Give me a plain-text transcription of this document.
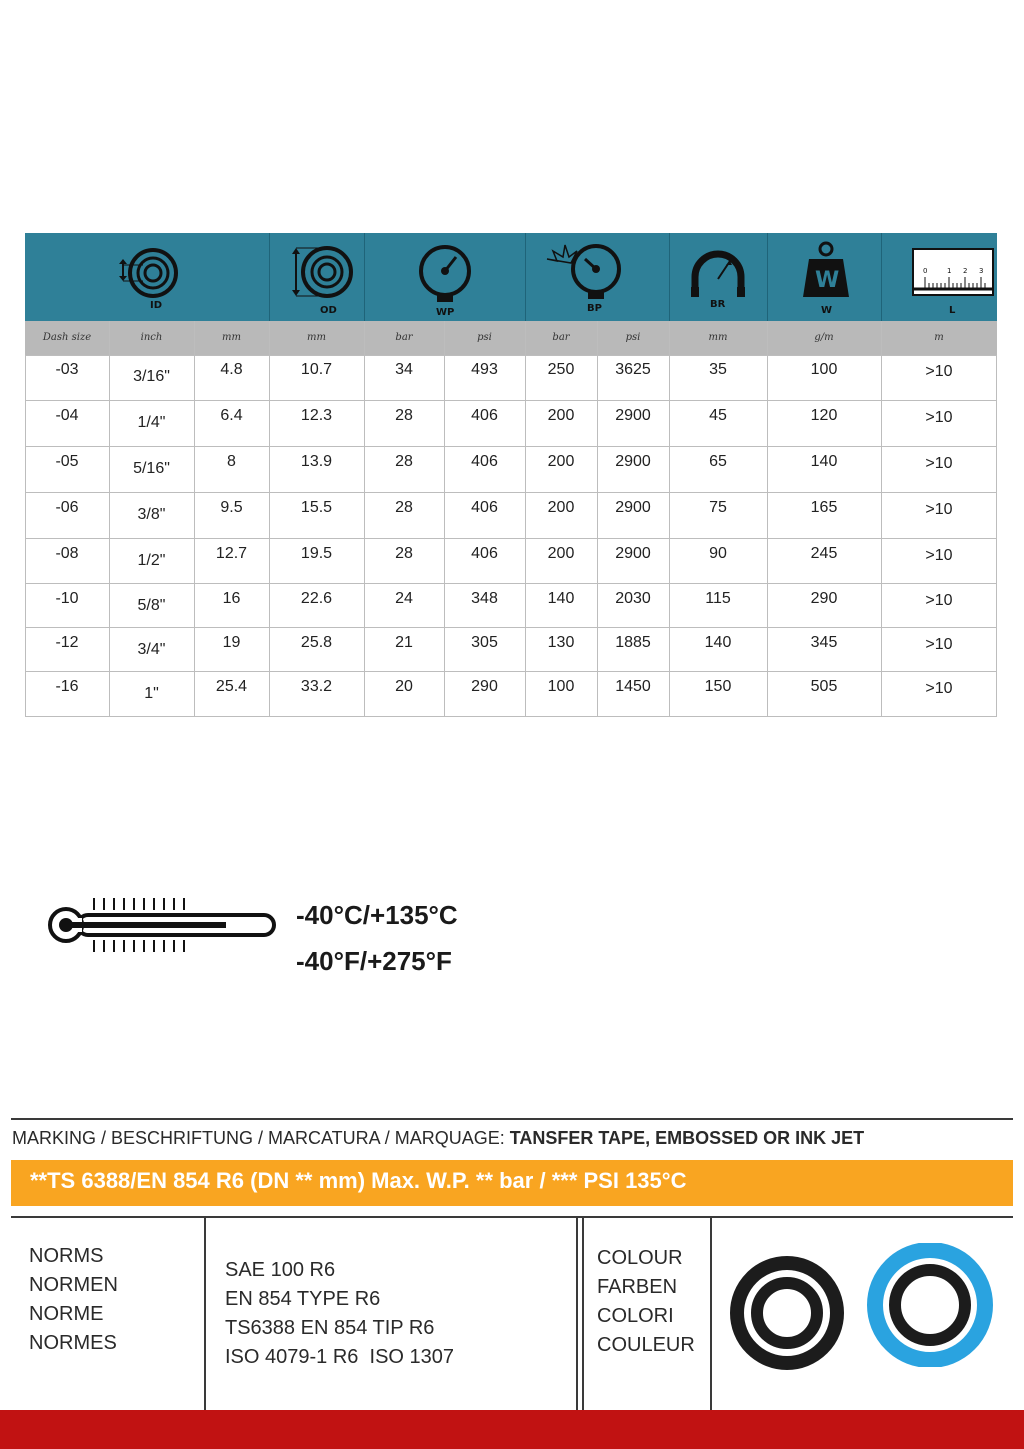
ID	OD	WP	BP	BR
W
W
0	1 2 3
L
Dash size	inch	mm	mm	bar	psi	bar	psi	mm	g/m	m
-03	3/16"	4.8	10.7	34	493	250	3625	35	100	>10
-04	1/4"	6.4	12.3	28	406	200	2900	45	120	>10
-05	5/16"	8	13.9	28	406	200	2900	65	140	>10
-06	3/8"	9.5	15.5	28	406	200	2900	75	165	>10
-08	1/2"	12.7	19.5	28	406	200	2900	90	245	>10
-10	5/8"	16	22.6	24	348	140	2030	115	290	>10
-12	3/4"	19	25.8	21	305	130	1885	140	345	>10
-16	1"	25.4	33.2	20	290	100	1450	150	505	>10
-40°C/+135°C
-40°F/+275°F
MARKING / BESCHRIFTUNG / MARCATURA / MARQUAGE: TANSFER TAPE, EMBOSSED OR INK JET
**TS 6388/EN 854 R6 (DN ** mm) Max. W.P. ** bar / *** PSI 135°C
NORMS
NORMEN
NORME
NORMES
SAE 100 R6
EN 854 TYPE R6
TS6388 EN 854 TIP R6
ISO 4079-1 R6  ISO 1307
COLOUR
FARBEN
COLORI
COULEUR
